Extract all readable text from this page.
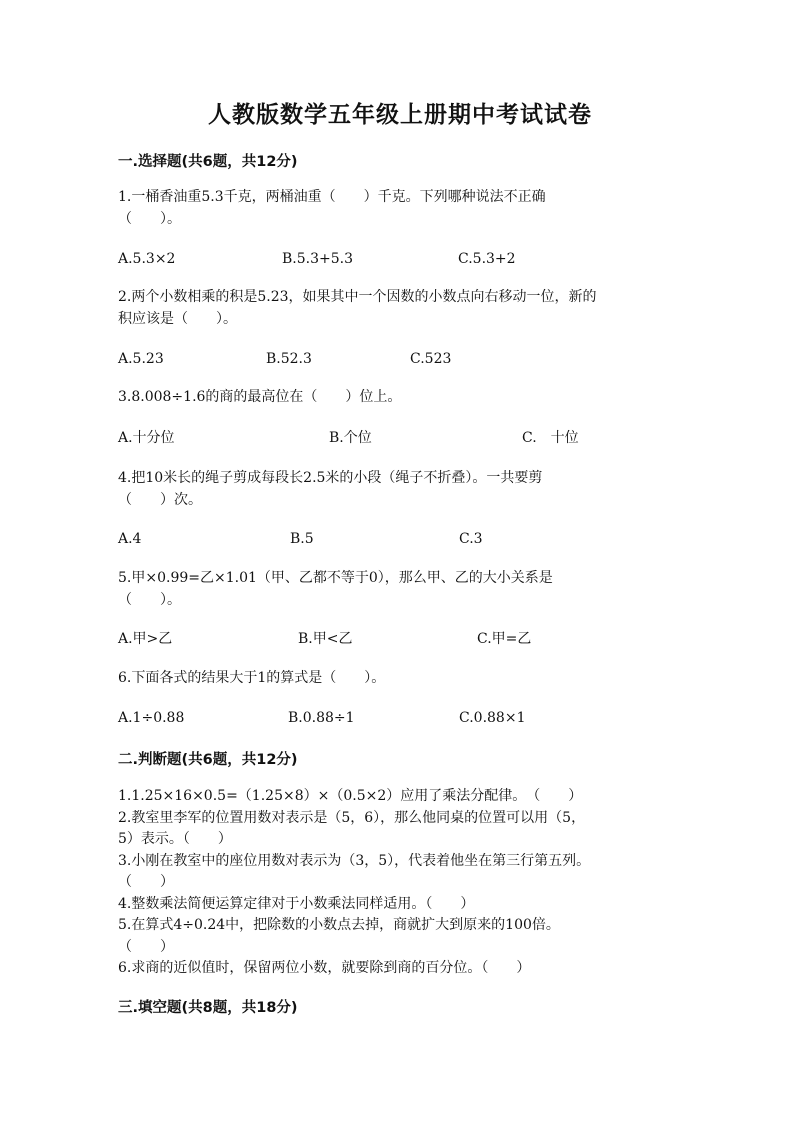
人教版数学五年级上册期中考试试卷
一.选择题(共6题，共12分)
1.一桶香油重5.3千克，两桶油重（　　）千克。下列哪种说法不正确
（　　）。
A.5.3×2	B.5.3+5.3	C.5.3+2
2.两个小数相乘的积是5.23，如果其中一个因数的小数点向右移动一位，新的
积应该是（　　）。
A.5.23	B.52.3	C.523
3.8.008÷1.6的商的最高位在（　　）位上。
A.十分位	B.个位	C.　十位
4.把10米长的绳子剪成每段长2.5米的小段（绳子不折叠）。一共要剪
（　　）次。
A.4	B.5	C.3
5.甲×0.99=乙×1.01（甲、乙都不等于0），那么甲、乙的大小关系是
（　　）。
A.甲>乙	B.甲<乙	C.甲=乙
6.下面各式的结果大于1的算式是（　　）。
A.1÷0.88	B.0.88÷1	C.0.88×1
二.判断题(共6题，共12分)
1.1.25×16×0.5=（1.25×8）×（0.5×2）应用了乘法分配律。　（　　）
2.教室里李军的位置用数对表示是（5，6），那么他同桌的位置可以用（5，
5）表示。（　　）
3.小刚在教室中的座位用数对表示为（3，5），代表着他坐在第三行第五列。
（　　）
4.整数乘法简便运算定律对于小数乘法同样适用。（　　）
5.在算式4÷0.24中，把除数的小数点去掉，商就扩大到原来的100倍。
（　　）
6.求商的近似值时，保留两位小数，就要除到商的百分位。（　　）
三.填空题(共8题，共18分)
